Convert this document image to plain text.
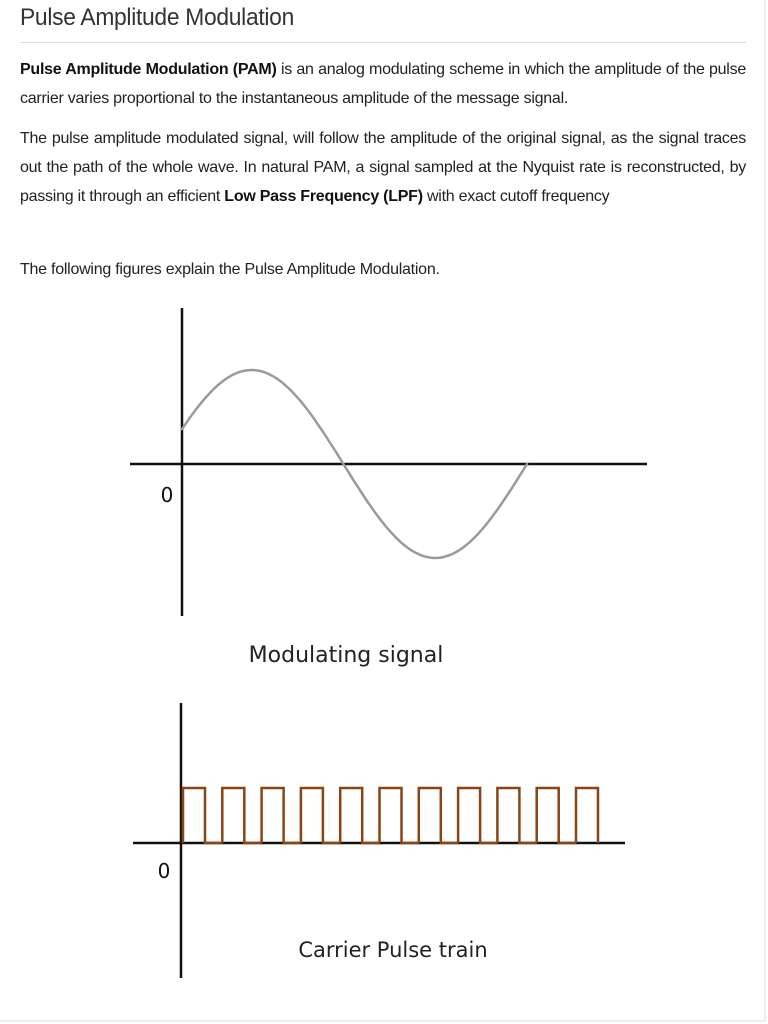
Pulse Amplitude Modulation

Pulse Amplitude Modulation (PAM) is an analog modulating scheme in which the amplitude of the pulse carrier varies proportional to the instantaneous amplitude of the message signal.

The pulse amplitude modulated signal, will follow the amplitude of the original signal, as the signal traces out the path of the whole wave. In natural PAM, a signal sampled at the Nyquist rate is reconstructed, by passing it through an efficient Low Pass Frequency (LPF) with exact cutoff frequency

The following figures explain the Pulse Amplitude Modulation.

0
Modulating signal
0
Carrier Pulse train
